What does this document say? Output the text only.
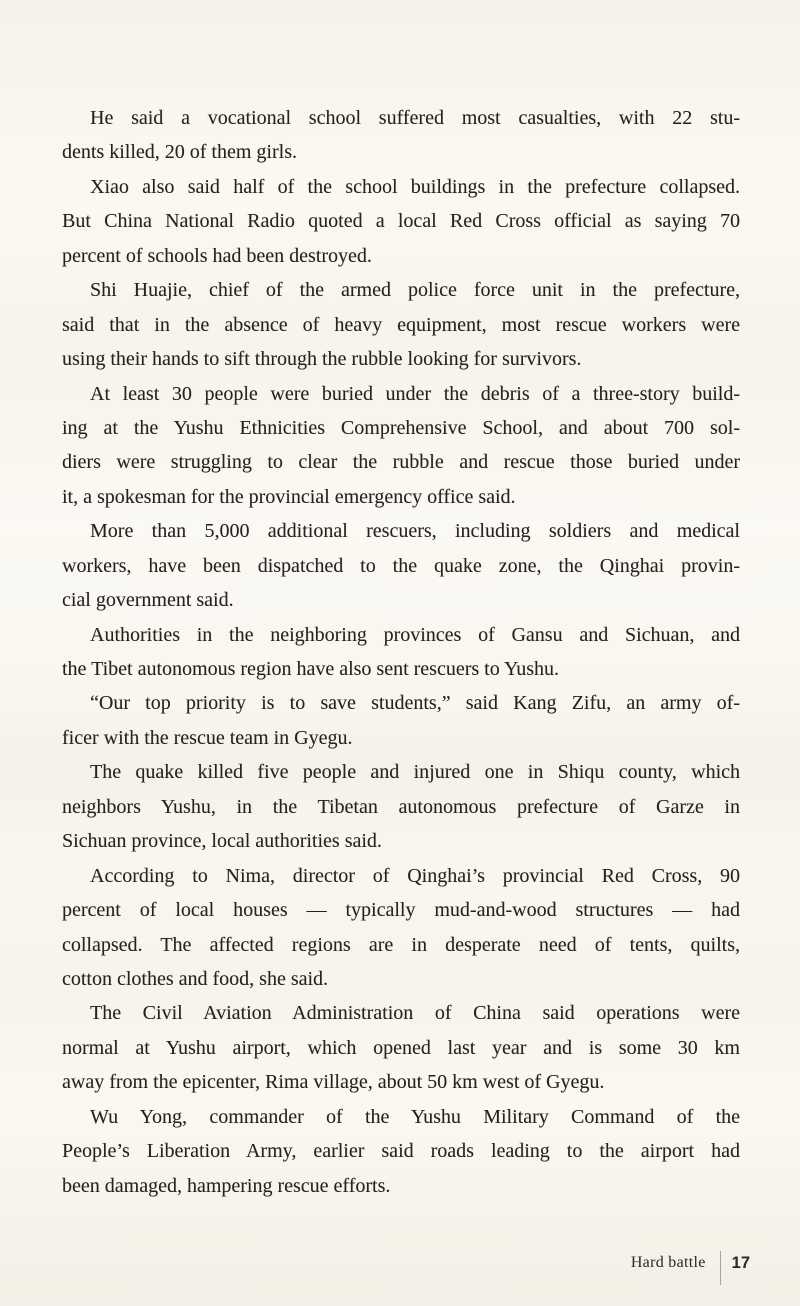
He said a vocational school suffered most casualties, with 22 stu-
dents killed, 20 of them girls.
Xiao also said half of the school buildings in the prefecture collapsed.
But China National Radio quoted a local Red Cross official as saying 70
percent of schools had been destroyed.
Shi Huajie, chief of the armed police force unit in the prefecture,
said that in the absence of heavy equipment, most rescue workers were
using their hands to sift through the rubble looking for survivors.
At least 30 people were buried under the debris of a three-story build-
ing at the Yushu Ethnicities Comprehensive School, and about 700 sol-
diers were struggling to clear the rubble and rescue those buried under
it, a spokesman for the provincial emergency office said.
More than 5,000 additional rescuers, including soldiers and medical
workers, have been dispatched to the quake zone, the Qinghai provin-
cial government said.
Authorities in the neighboring provinces of Gansu and Sichuan, and
the Tibet autonomous region have also sent rescuers to Yushu.
“Our top priority is to save students,” said Kang Zifu, an army of-
ficer with the rescue team in Gyegu.
The quake killed five people and injured one in Shiqu county, which
neighbors Yushu, in the Tibetan autonomous prefecture of Garze in
Sichuan province, local authorities said.
According to Nima, director of Qinghai’s provincial Red Cross, 90
percent of local houses — typically mud-and-wood structures — had
collapsed. The affected regions are in desperate need of tents, quilts,
cotton clothes and food, she said.
The Civil Aviation Administration of China said operations were
normal at Yushu airport, which opened last year and is some 30 km
away from the epicenter, Rima village, about 50 km west of Gyegu.
Wu Yong, commander of the Yushu Military Command of the
People’s Liberation Army, earlier said roads leading to the airport had
been damaged, hampering rescue efforts.
Hard battle 17
